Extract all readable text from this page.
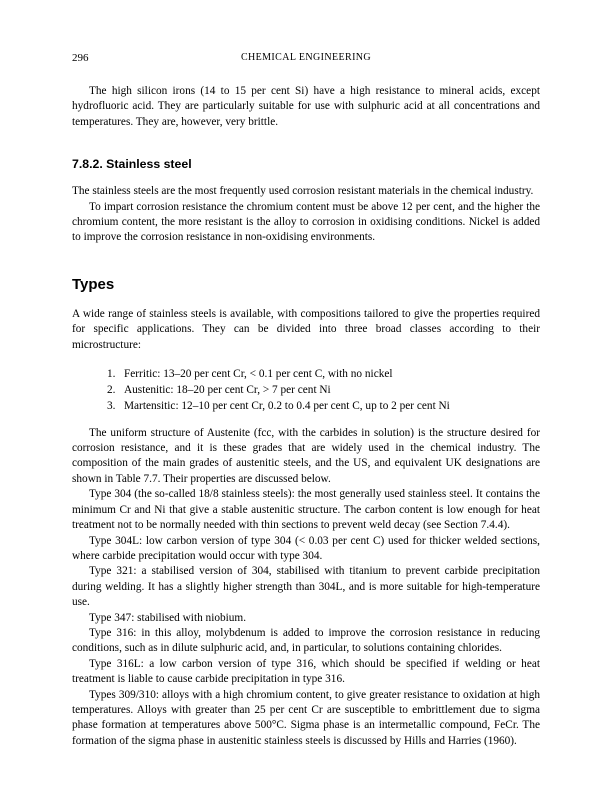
296	CHEMICAL ENGINEERING

The high silicon irons (14 to 15 per cent Si) have a high resistance to mineral acids, except hydrofluoric acid. They are particularly suitable for use with sulphuric acid at all concentrations and temperatures. They are, however, very brittle.

7.8.2. Stainless steel

The stainless steels are the most frequently used corrosion resistant materials in the chemical industry.

To impart corrosion resistance the chromium content must be above 12 per cent, and the higher the chromium content, the more resistant is the alloy to corrosion in oxidising conditions. Nickel is added to improve the corrosion resistance in non-oxidising environments.

Types

A wide range of stainless steels is available, with compositions tailored to give the properties required for specific applications. They can be divided into three broad classes according to their microstructure:

Ferritic: 13–20 per cent Cr, < 0.1 per cent C, with no nickel
Austenitic: 18–20 per cent Cr, > 7 per cent Ni
Martensitic: 12–10 per cent Cr, 0.2 to 0.4 per cent C, up to 2 per cent Ni

The uniform structure of Austenite (fcc, with the carbides in solution) is the structure desired for corrosion resistance, and it is these grades that are widely used in the chemical industry. The composition of the main grades of austenitic steels, and the US, and equivalent UK designations are shown in Table 7.7. Their properties are discussed below.

Type 304 (the so-called 18/8 stainless steels): the most generally used stainless steel. It contains the minimum Cr and Ni that give a stable austenitic structure. The carbon content is low enough for heat treatment not to be normally needed with thin sections to prevent weld decay (see Section 7.4.4).

Type 304L: low carbon version of type 304 (< 0.03 per cent C) used for thicker welded sections, where carbide precipitation would occur with type 304.

Type 321: a stabilised version of 304, stabilised with titanium to prevent carbide precipitation during welding. It has a slightly higher strength than 304L, and is more suitable for high-temperature use.

Type 347: stabilised with niobium.

Type 316: in this alloy, molybdenum is added to improve the corrosion resistance in reducing conditions, such as in dilute sulphuric acid, and, in particular, to solutions containing chlorides.

Type 316L: a low carbon version of type 316, which should be specified if welding or heat treatment is liable to cause carbide precipitation in type 316.

Types 309/310: alloys with a high chromium content, to give greater resistance to oxidation at high temperatures. Alloys with greater than 25 per cent Cr are susceptible to embrittlement due to sigma phase formation at temperatures above 500°C. Sigma phase is an intermetallic compound, FeCr. The formation of the sigma phase in austenitic stainless steels is discussed by Hills and Harries (1960).
